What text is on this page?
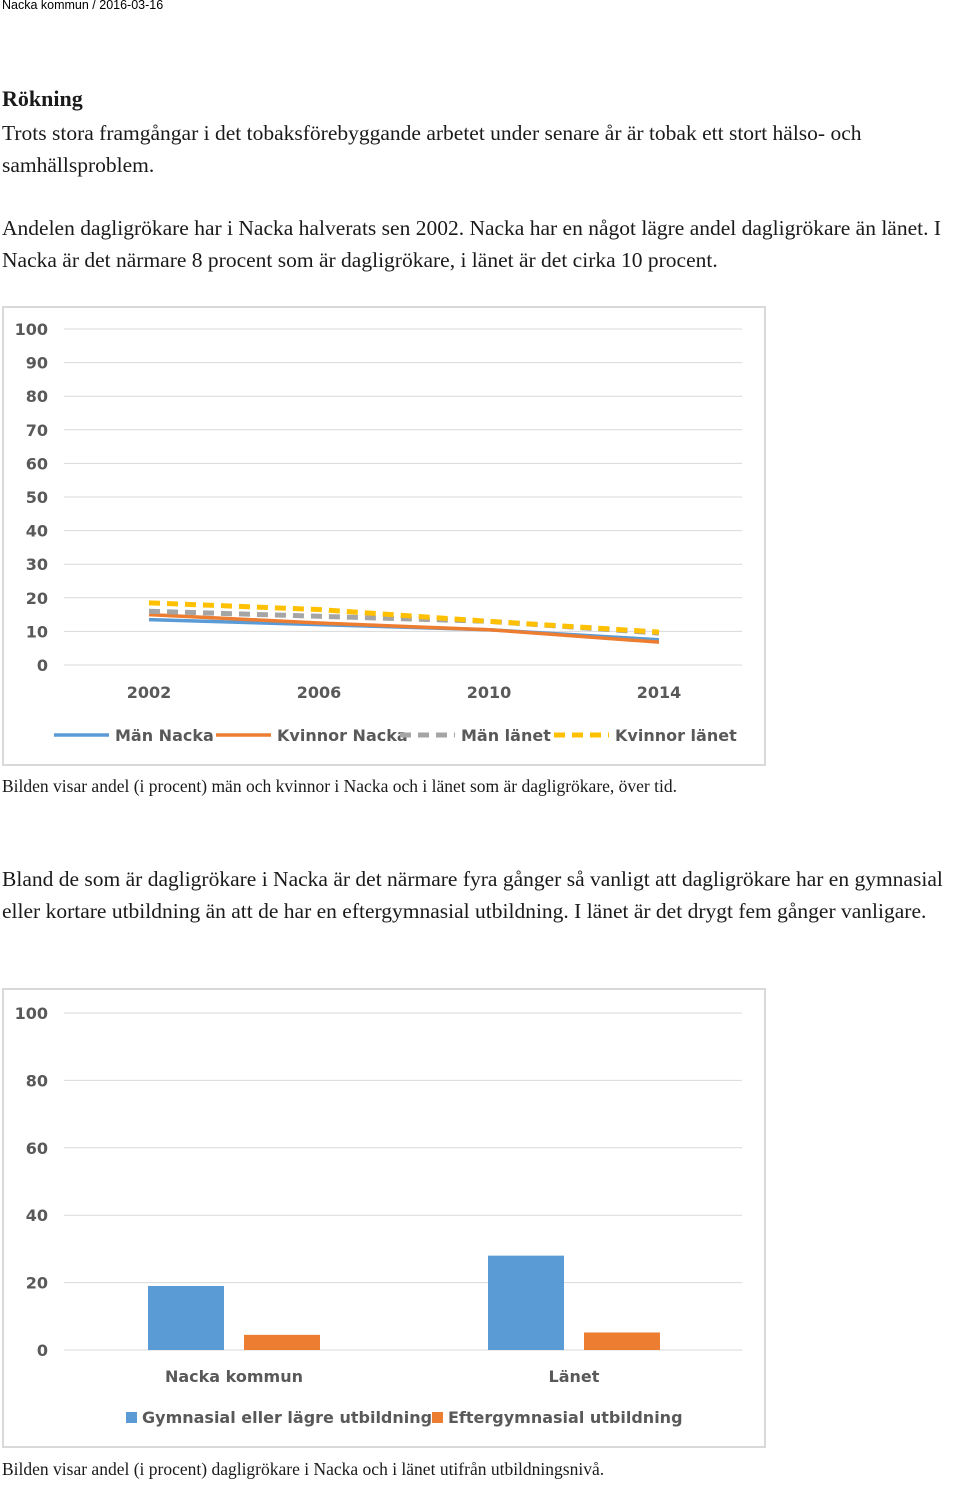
Nacka kommun / 2016-03-16
Rökning

Trots stora framgångar i det tobaksförebyggande arbetet under senare år är tobak ett stort hälso- och samhällsproblem.

Andelen dagligrökare har i Nacka halverats sen 2002. Nacka har en något lägre andel dagligrökare än länet. I Nacka är det närmare 8 procent som är dagligrökare, i länet är det cirka 10 procent.

0
10
20
30
40
50
60
70
80
90
100
2002	2006	2010	2014
Män Nacka	Kvinnor Nacka	Män länet	Kvinnor länet

Bilden visar andel (i procent) män och kvinnor i Nacka och i länet som är dagligrökare, över tid.

Bland de som är dagligrökare i Nacka är det närmare fyra gånger så vanligt att dagligrökare har en gymnasial eller kortare utbildning än att de har en eftergymnasial utbildning. I länet är det drygt fem gånger vanligare.

0
20
40
60
80
100
Nacka kommun	Länet
Gymnasial eller lägre utbildning Eftergymnasial utbildning

Bilden visar andel (i procent) dagligrökare i Nacka och i länet utifrån utbildningsnivå.
